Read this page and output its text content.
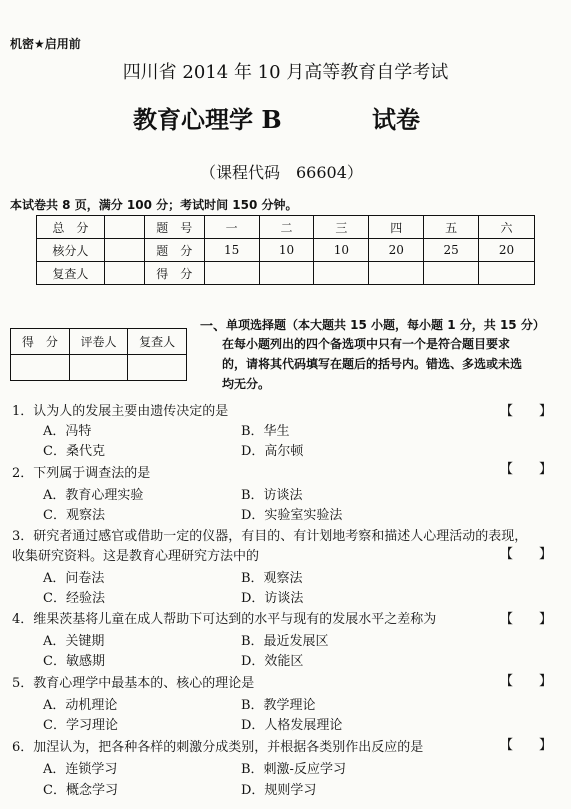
机密★启用前
四川省 2014 年 10 月高等教育自学考试
教育心理学 B	试卷
（课程代码　66604）
本试卷共 8 页，满分 100 分；考试时间 150 分钟。
总　分		题　号	一	二	三	四	五	六
核分人		题　分	15	10	10	20	25	20
复查人		得　分						
得　分	评卷人	复查人

一、 单项选择题（本大题共 15 小题，每小题 1 分，共 15 分）
在每小题列出的四个备选项中只有一个是符合题目要求
的，请将其代码填写在题后的括号内。错选、多选或未选
均无分。
1．认为人的发展主要由遗传决定的是	【　　】
A．冯特	B．华生
C．桑代克	D．高尔顿
2．下列属于调查法的是	【　　】
A．教育心理实验	B．访谈法
C．观察法	D．实验室实验法
3．研究者通过感官或借助一定的仪器，有目的、有计划地考察和描述人心理活动的表现，
收集研究资料。这是教育心理研究方法中的	【　　】
A．问卷法	B．观察法
C．经验法	D．访谈法
4．维果茨基将儿童在成人帮助下可达到的水平与现有的发展水平之差称为	【　　】
A．关键期	B．最近发展区
C．敏感期	D．效能区
5．教育心理学中最基本的、核心的理论是	【　　】
A．动机理论	B．教学理论
C．学习理论	D．人格发展理论
6．加涅认为，把各种各样的刺激分成类别，并根据各类别作出反应的是	【　　】
A．连锁学习	B．刺激-反应学习
C．概念学习	D．规则学习
